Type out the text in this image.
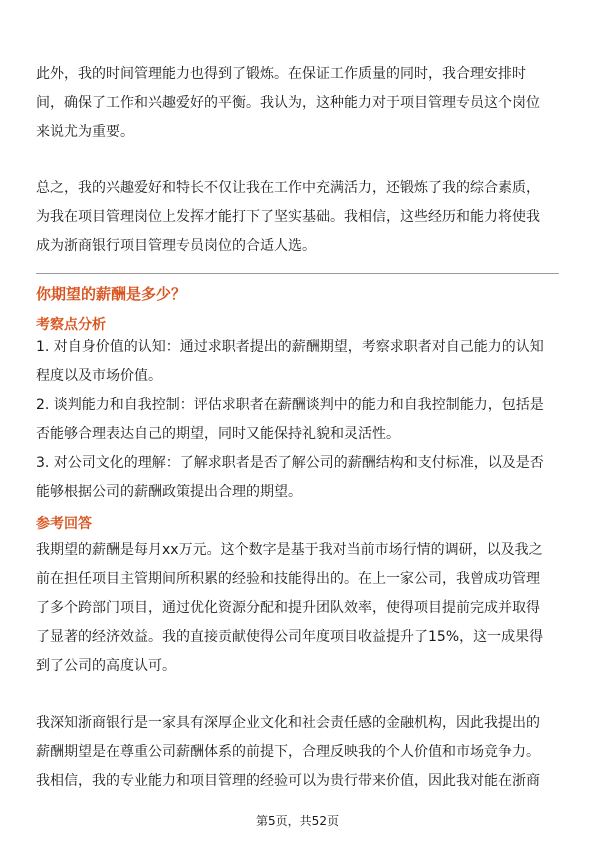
此外，我的时间管理能力也得到了锻炼。在保证工作质量的同时，我合理安排时
间，确保了工作和兴趣爱好的平衡。我认为，这种能力对于项目管理专员这个岗位
来说尤为重要。
总之，我的兴趣爱好和特长不仅让我在工作中充满活力，还锻炼了我的综合素质，
为我在项目管理岗位上发挥才能打下了坚实基础。我相信，这些经历和能力将使我
成为浙商银行项目管理专员岗位的合适人选。
你期望的薪酬是多少？
考察点分析
1. 对自身价值的认知：通过求职者提出的薪酬期望，考察求职者对自己能力的认知
程度以及市场价值。
2. 谈判能力和自我控制：评估求职者在薪酬谈判中的能力和自我控制能力，包括是
否能够合理表达自己的期望，同时又能保持礼貌和灵活性。
3. 对公司文化的理解：了解求职者是否了解公司的薪酬结构和支付标准，以及是否
能够根据公司的薪酬政策提出合理的期望。
参考回答
我期望的薪酬是每月xx万元。这个数字是基于我对当前市场行情的调研，以及我之
前在担任项目主管期间所积累的经验和技能得出的。在上一家公司，我曾成功管理
了多个跨部门项目，通过优化资源分配和提升团队效率，使得项目提前完成并取得
了显著的经济效益。我的直接贡献使得公司年度项目收益提升了15%，这一成果得
到了公司的高度认可。
我深知浙商银行是一家具有深厚企业文化和社会责任感的金融机构，因此我提出的
薪酬期望是在尊重公司薪酬体系的前提下，合理反映我的个人价值和市场竞争力。
我相信，我的专业能力和项目管理的经验可以为贵行带来价值，因此我对能在浙商
第5页，共52页
